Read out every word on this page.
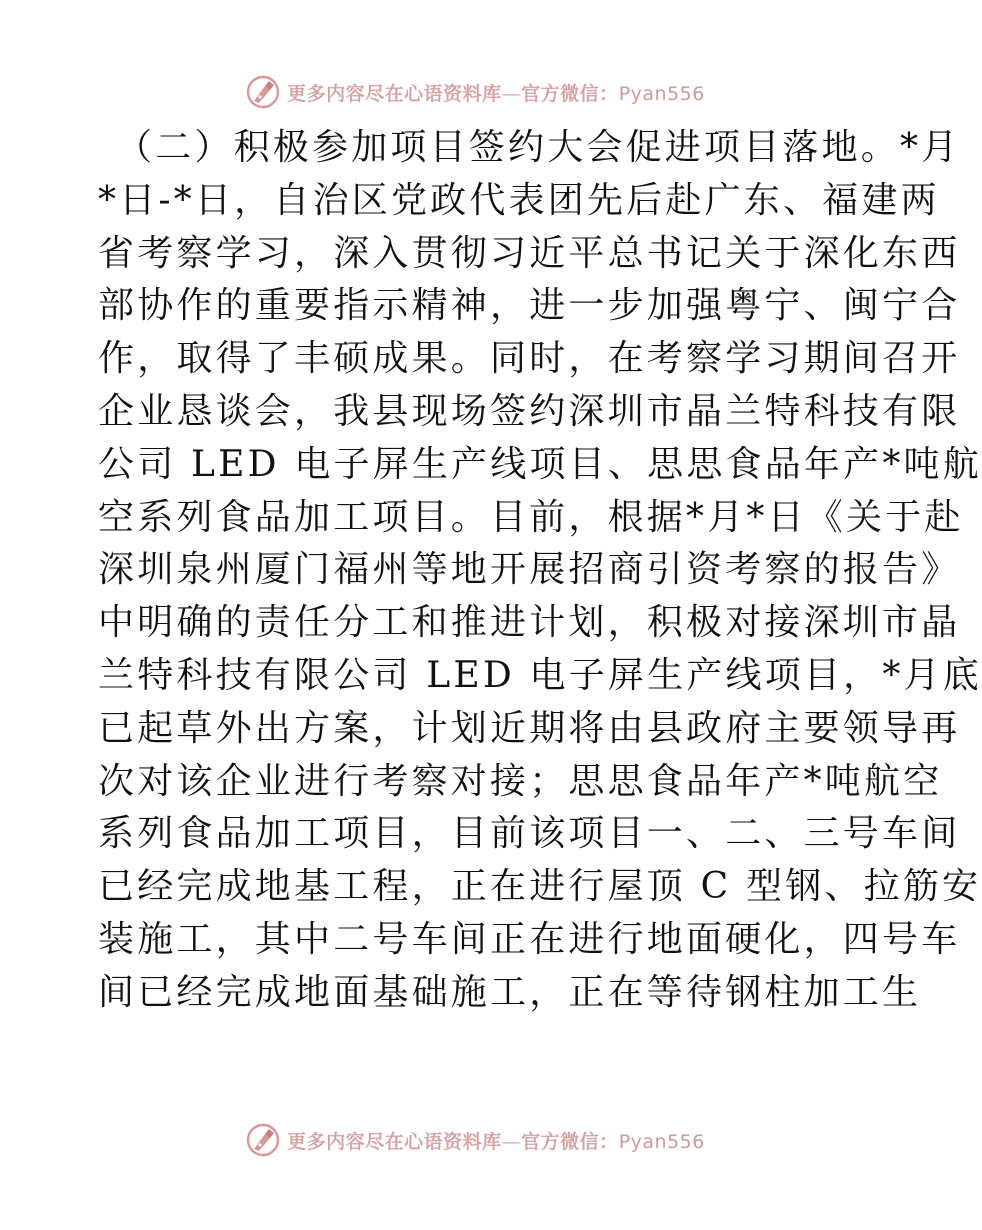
更多内容尽在心语资料库—官方微信：Pyan556
（二）积极参加项目签约大会促进项目落地。*月
*日-*日，自治区党政代表团先后赴广东、福建两
省考察学习，深入贯彻习近平总书记关于深化东西
部协作的重要指示精神，进一步加强粤宁、闽宁合
作，取得了丰硕成果。同时，在考察学习期间召开
企业恳谈会，我县现场签约深圳市晶兰特科技有限
公司 LED 电子屏生产线项目、思思食品年产*吨航
空系列食品加工项目。目前，根据*月*日《关于赴
深圳泉州厦门福州等地开展招商引资考察的报告》
中明确的责任分工和推进计划，积极对接深圳市晶
兰特科技有限公司 LED 电子屏生产线项目，*月底
已起草外出方案，计划近期将由县政府主要领导再
次对该企业进行考察对接；思思食品年产*吨航空
系列食品加工项目，目前该项目一、二、三号车间
已经完成地基工程，正在进行屋顶 C 型钢、拉筋安
装施工，其中二号车间正在进行地面硬化，四号车
间已经完成地面基础施工，正在等待钢柱加工生
更多内容尽在心语资料库—官方微信：Pyan556
